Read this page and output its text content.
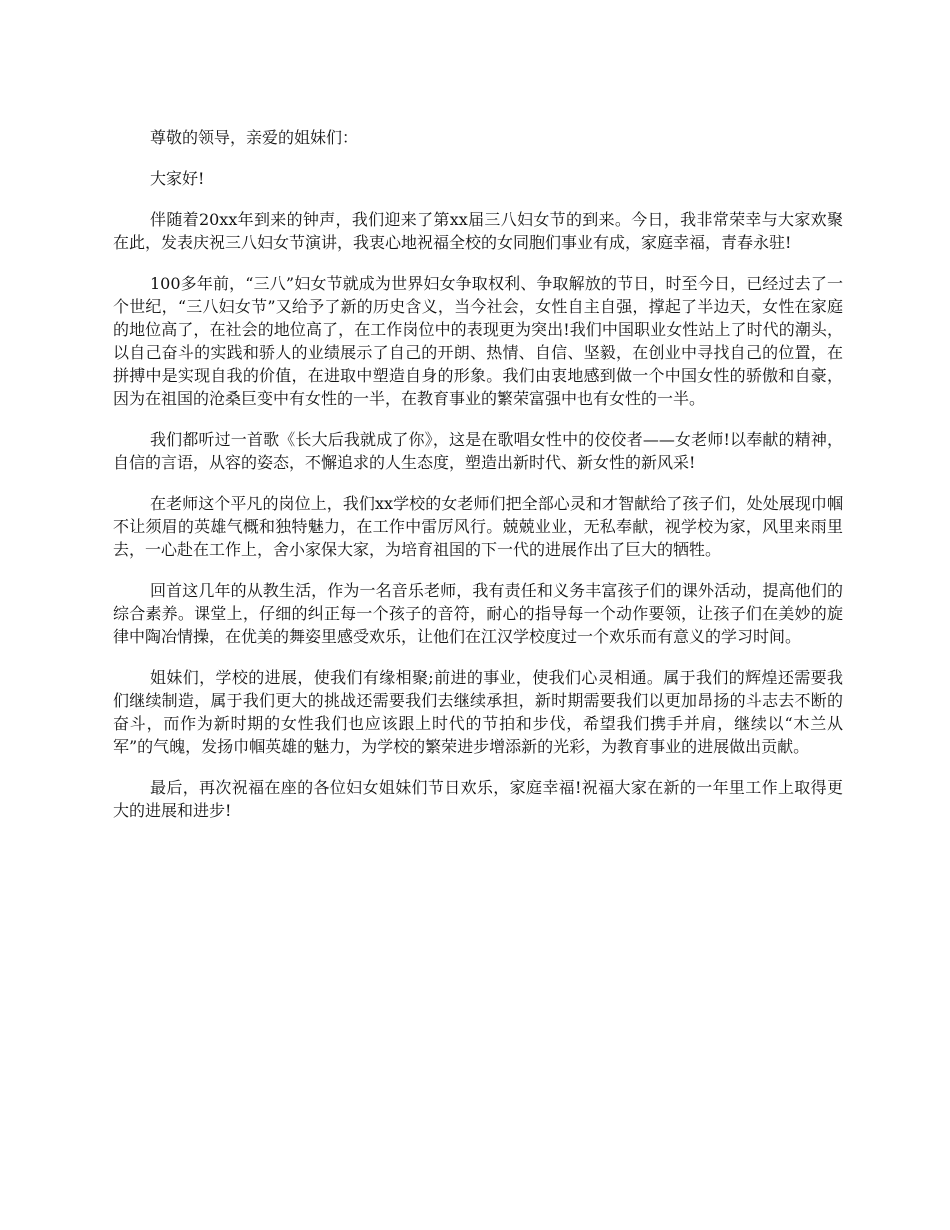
尊敬的领导，亲爱的姐妹们：

大家好!

伴随着20xx年到来的钟声，我们迎来了第xx届三八妇女节的到来。今日，我非常荣幸与大家欢聚在此，发表庆祝三八妇女节演讲，我衷心地祝福全校的女同胞们事业有成，家庭幸福，青春永驻!

100多年前，“三八”妇女节就成为世界妇女争取权利、争取解放的节日，时至今日，已经过去了一个世纪，“三八妇女节”又给予了新的历史含义，当今社会，女性自主自强，撑起了半边天，女性在家庭的地位高了，在社会的地位高了，在工作岗位中的表现更为突出!我们中国职业女性站上了时代的潮头，以自己奋斗的实践和骄人的业绩展示了自己的开朗、热情、自信、坚毅，在创业中寻找自己的位置，在拼搏中是实现自我的价值，在进取中塑造自身的形象。我们由衷地感到做一个中国女性的骄傲和自豪，因为在祖国的沧桑巨变中有女性的一半，在教育事业的繁荣富强中也有女性的一半。

我们都听过一首歌《长大后我就成了你》，这是在歌唱女性中的佼佼者——女老师!以奉献的精神，自信的言语，从容的姿态，不懈追求的人生态度，塑造出新时代、新女性的新风采!

在老师这个平凡的岗位上，我们xx学校的女老师们把全部心灵和才智献给了孩子们，处处展现巾帼不让须眉的英雄气概和独特魅力，在工作中雷厉风行。兢兢业业，无私奉献，视学校为家，风里来雨里去，一心赴在工作上，舍小家保大家，为培育祖国的下一代的进展作出了巨大的牺牲。

回首这几年的从教生活，作为一名音乐老师，我有责任和义务丰富孩子们的课外活动，提高他们的综合素养。课堂上，仔细的纠正每一个孩子的音符，耐心的指导每一个动作要领，让孩子们在美妙的旋律中陶冶情操，在优美的舞姿里感受欢乐，让他们在江汉学校度过一个欢乐而有意义的学习时间。

姐妹们，学校的进展，使我们有缘相聚;前进的事业，使我们心灵相通。属于我们的辉煌还需要我们继续制造，属于我们更大的挑战还需要我们去继续承担，新时期需要我们以更加昂扬的斗志去不断的奋斗，而作为新时期的女性我们也应该跟上时代的节拍和步伐，希望我们携手并肩，继续以“木兰从军”的气魄，发扬巾帼英雄的魅力，为学校的繁荣进步增添新的光彩，为教育事业的进展做出贡献。

最后，再次祝福在座的各位妇女姐妹们节日欢乐，家庭幸福!祝福大家在新的一年里工作上取得更大的进展和进步!
